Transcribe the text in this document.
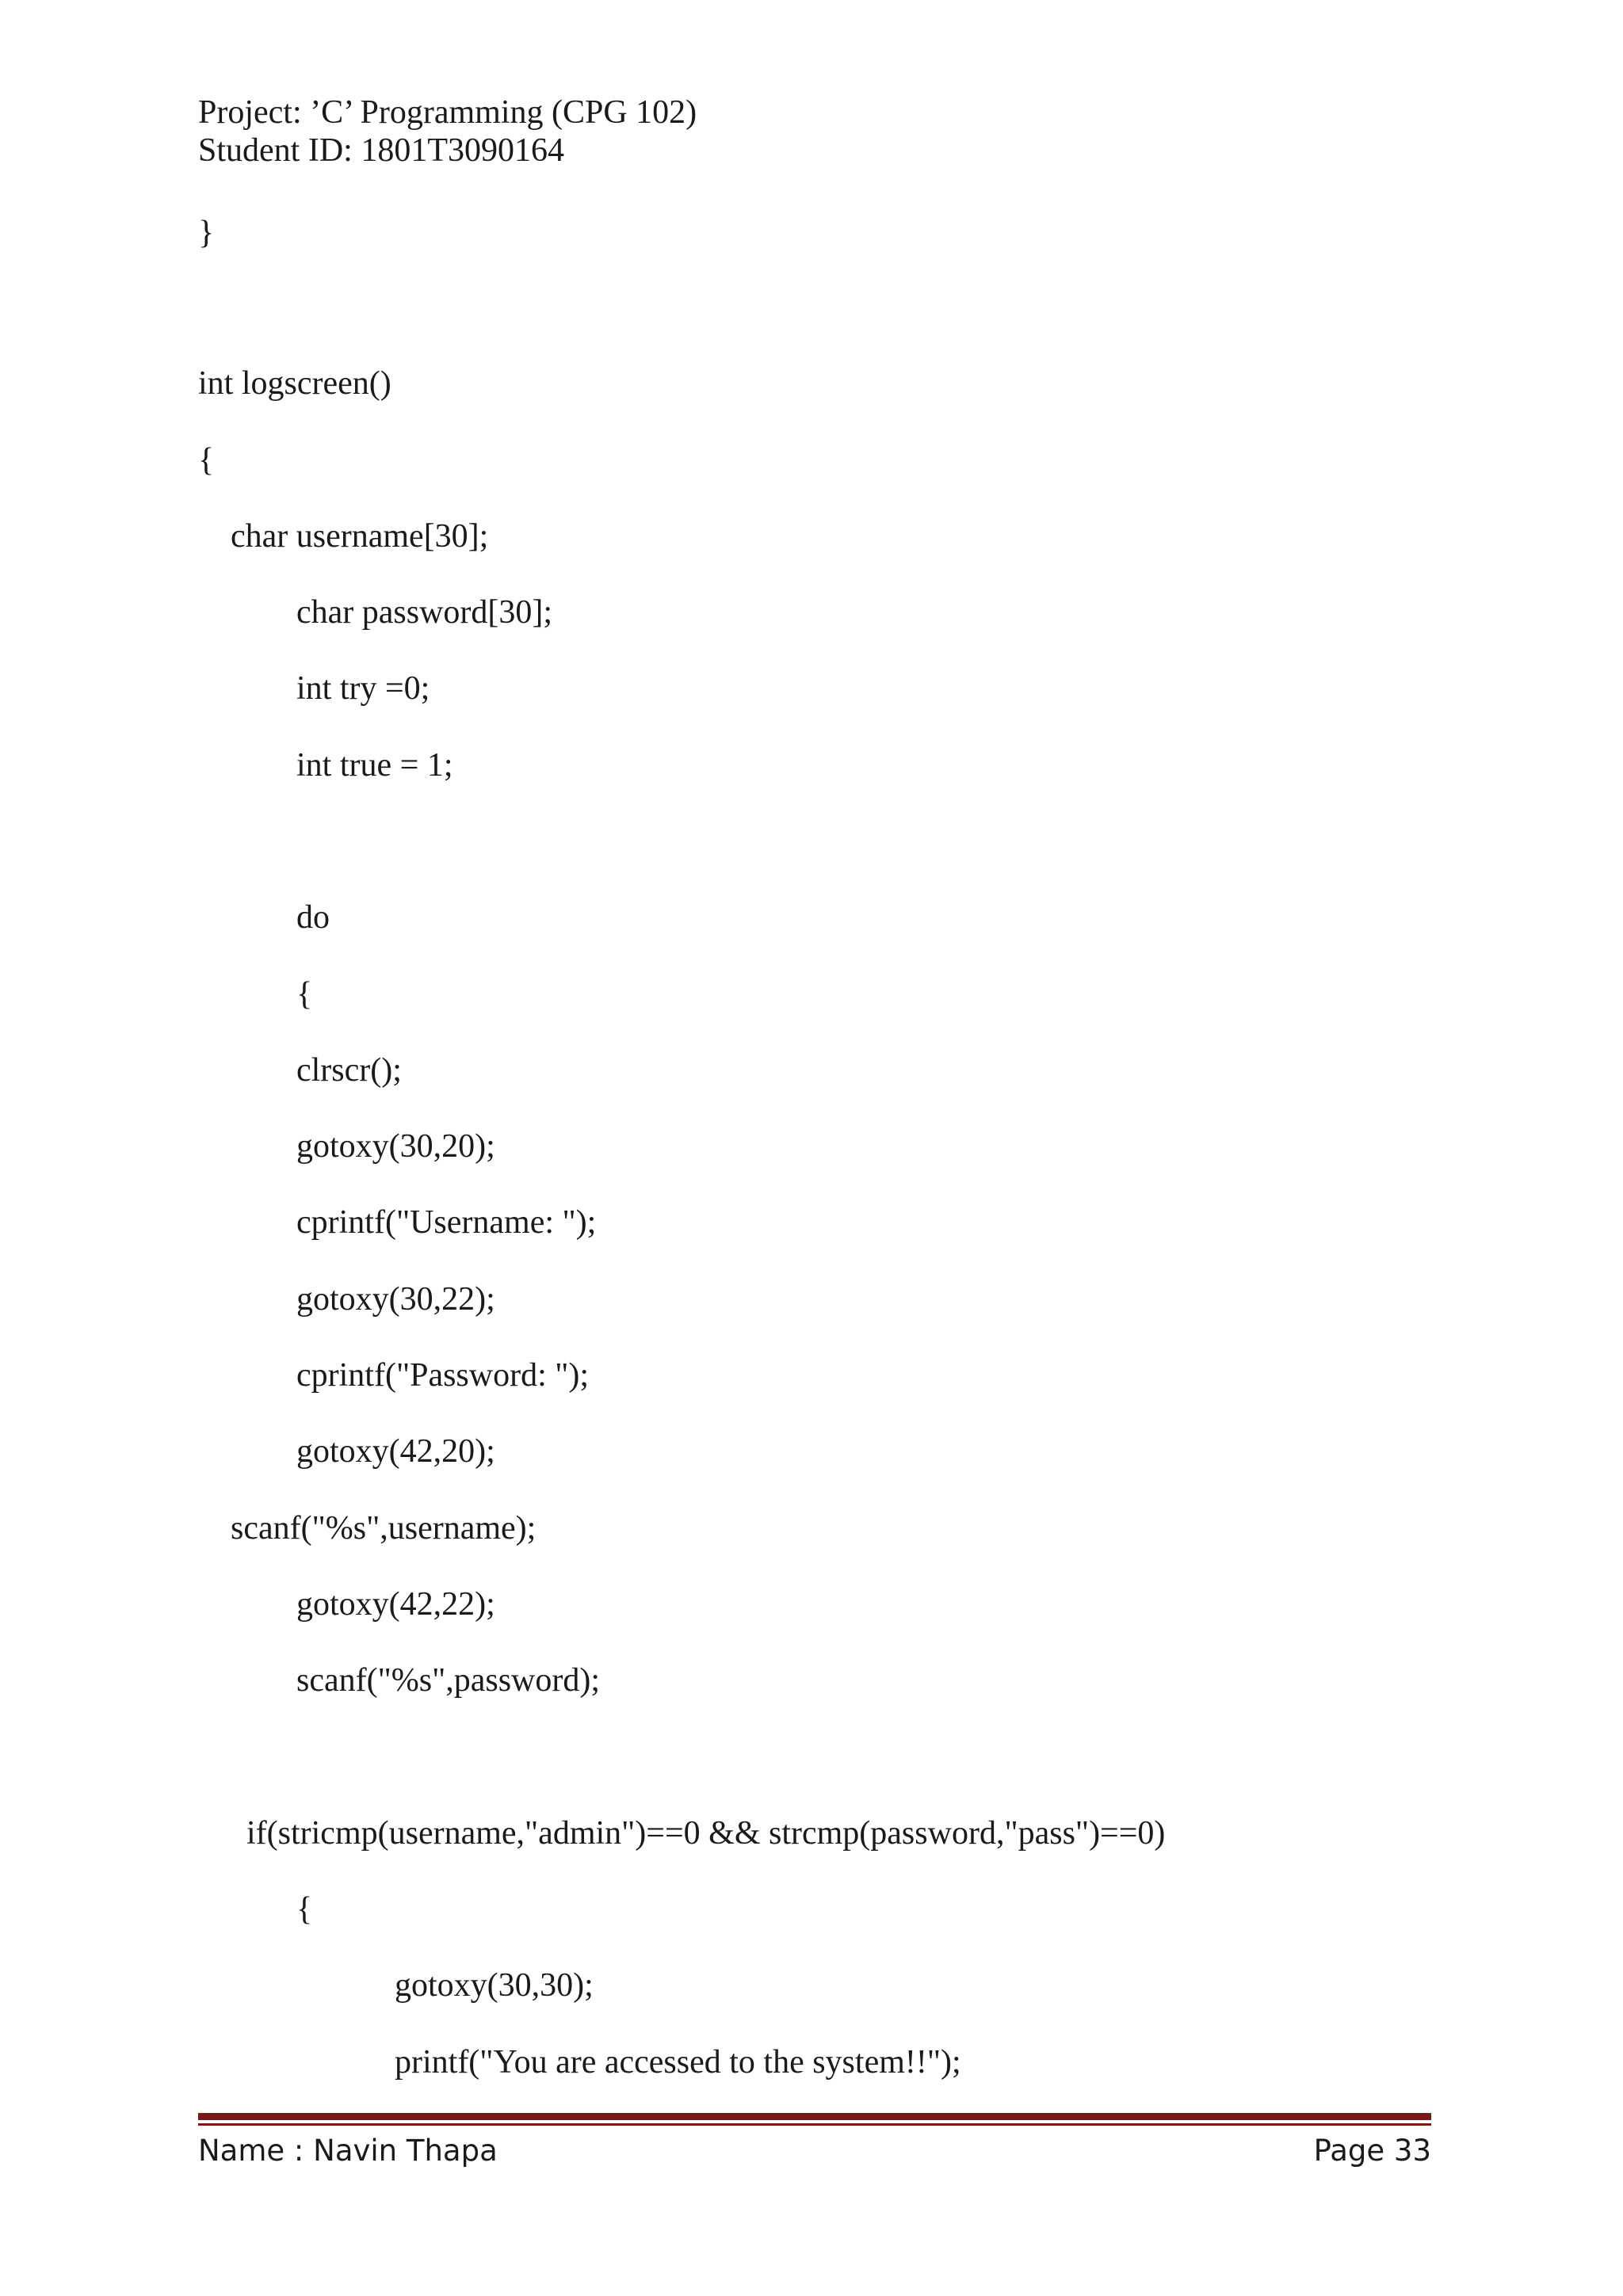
Project: ’C’ Programming (CPG 102)
Student ID: 1801T3090164
}
int logscreen()
{
char username[30];
char password[30];
int try =0;
int true = 1;
do
{
clrscr();
gotoxy(30,20);
cprintf("Username: ");
gotoxy(30,22);
cprintf("Password: ");
gotoxy(42,20);
scanf("%s",username);
gotoxy(42,22);
scanf("%s",password);
if(stricmp(username,"admin")==0 && strcmp(password,"pass")==0)
{
gotoxy(30,30);
printf("You are accessed to the system!!");
Name : Navin Thapa	Page 33
